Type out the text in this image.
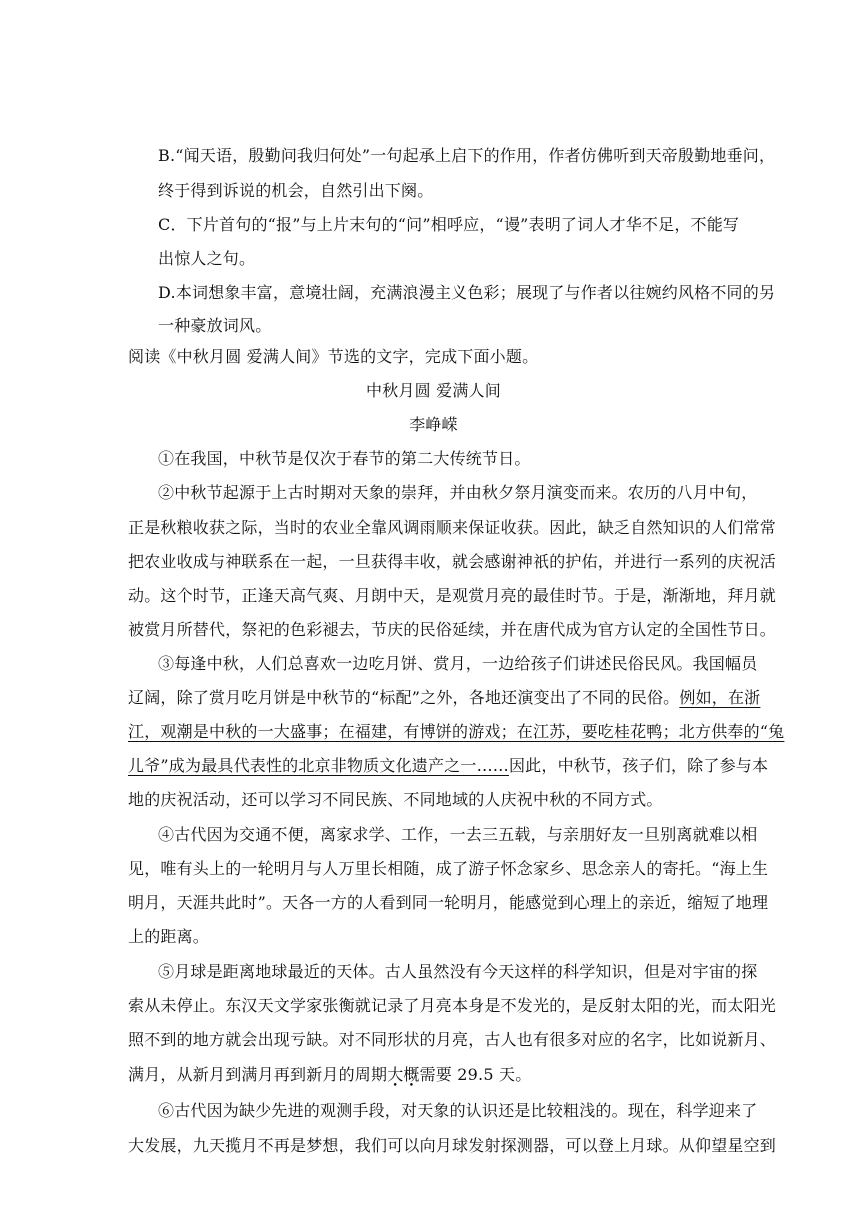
B.“闻天语，殷勤问我归何处”一句起承上启下的作用，作者仿佛听到天帝殷勤地垂问，
终于得到诉说的机会，自然引出下阕。
C．下片首句的“报”与上片末句的“问”相呼应，“谩”表明了词人才华不足，不能写
出惊人之句。
D.本词想象丰富，意境壮阔，充满浪漫主义色彩；展现了与作者以往婉约风格不同的另
一种豪放词风。
阅读《中秋月圆 爱满人间》节选的文字，完成下面小题。
中秋月圆 爱满人间
李峥嵘
①在我国，中秋节是仅次于春节的第二大传统节日。
②中秋节起源于上古时期对天象的崇拜，并由秋夕祭月演变而来。农历的八月中旬，
正是秋粮收获之际，当时的农业全靠风调雨顺来保证收获。因此，缺乏自然知识的人们常常
把农业收成与神联系在一起，一旦获得丰收，就会感谢神祇的护佑，并进行一系列的庆祝活
动。这个时节，正逢天高气爽、月朗中天，是观赏月亮的最佳时节。于是，渐渐地，拜月就
被赏月所替代，祭祀的色彩褪去，节庆的民俗延续，并在唐代成为官方认定的全国性节日。
③每逢中秋，人们总喜欢一边吃月饼、赏月，一边给孩子们讲述民俗民风。我国幅员
辽阔，除了赏月吃月饼是中秋节的“标配”之外，各地还演变出了不同的民俗。例如，在浙
江，观潮是中秋的一大盛事；在福建，有博饼的游戏；在江苏，要吃桂花鸭；北方供奉的“兔
儿爷”成为最具代表性的北京非物质文化遗产之一……因此，中秋节，孩子们，除了参与本
地的庆祝活动，还可以学习不同民族、不同地域的人庆祝中秋的不同方式。
④古代因为交通不便，离家求学、工作，一去三五载，与亲朋好友一旦别离就难以相
见，唯有头上的一轮明月与人万里长相随，成了游子怀念家乡、思念亲人的寄托。“海上生
明月，天涯共此时”。天各一方的人看到同一轮明月，能感觉到心理上的亲近，缩短了地理
上的距离。
⑤月球是距离地球最近的天体。古人虽然没有今天这样的科学知识，但是对宇宙的探
索从未停止。东汉天文学家张衡就记录了月亮本身是不发光的，是反射太阳的光，而太阳光
照不到的地方就会出现亏缺。对不同形状的月亮，古人也有很多对应的名字，比如说新月、
满月，从新月到满月再到新月的周期大概需要 29.5 天。
⑥古代因为缺少先进的观测手段，对天象的认识还是比较粗浅的。现在，科学迎来了
大发展，九天揽月不再是梦想，我们可以向月球发射探测器，可以登上月球。从仰望星空到
